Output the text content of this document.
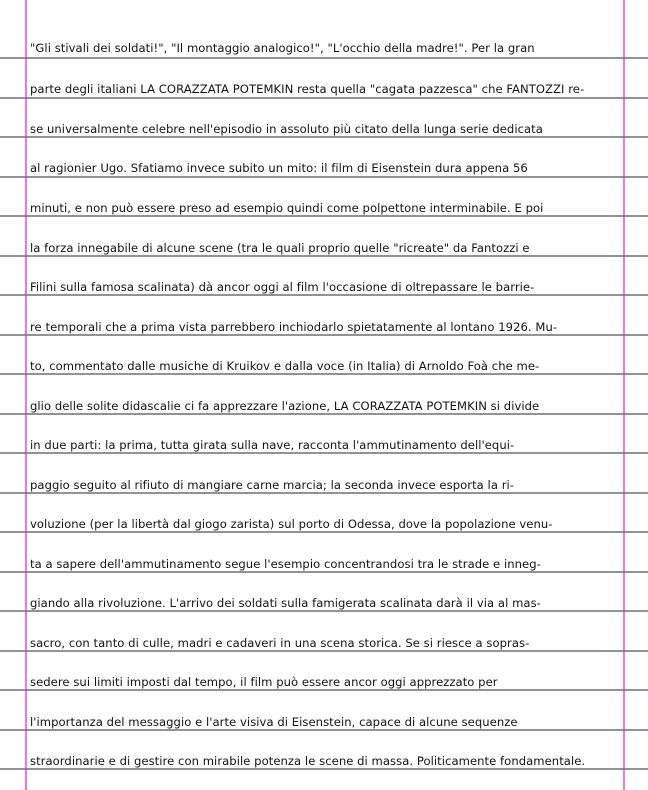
"Gli stivali dei soldati!", "Il montaggio analogico!", "L'occhio della madre!". Per la gran
parte degli italiani LA CORAZZATA POTEMKIN resta quella "cagata pazzesca" che FANTOZZI re-
se universalmente celebre nell'episodio in assoluto più citato della lunga serie dedicata
al ragionier Ugo. Sfatiamo invece subito un mito: il film di Eisenstein dura appena 56
minuti, e non può essere preso ad esempio quindi come polpettone interminabile. E poi
la forza innegabile di alcune scene (tra le quali proprio quelle "ricreate" da Fantozzi e
Filini sulla famosa scalinata) dà ancor oggi al film l'occasione di oltrepassare le barrie-
re temporali che a prima vista parrebbero inchiodarlo spietatamente al lontano 1926. Mu-
to, commentato dalle musiche di Kruikov e dalla voce (in Italia) di Arnoldo Foà che me-
glio delle solite didascalie ci fa apprezzare l'azione, LA CORAZZATA POTEMKIN si divide
in due parti: la prima, tutta girata sulla nave, racconta l'ammutinamento dell'equi-
paggio seguito al rifiuto di mangiare carne marcia; la seconda invece esporta la ri-
voluzione (per la libertà dal giogo zarista) sul porto di Odessa, dove la popolazione venu-
ta a sapere dell'ammutinamento segue l'esempio concentrandosi tra le strade e inneg-
giando alla rivoluzione. L'arrivo dei soldati sulla famigerata scalinata darà il via al mas-
sacro, con tanto di culle, madri e cadaveri in una scena storica. Se si riesce a sopras-
sedere sui limiti imposti dal tempo, il film può essere ancor oggi apprezzato per
l'importanza del messaggio e l'arte visiva di Eisenstein, capace di alcune sequenze
straordinarie e di gestire con mirabile potenza le scene di massa. Politicamente fondamentale.
